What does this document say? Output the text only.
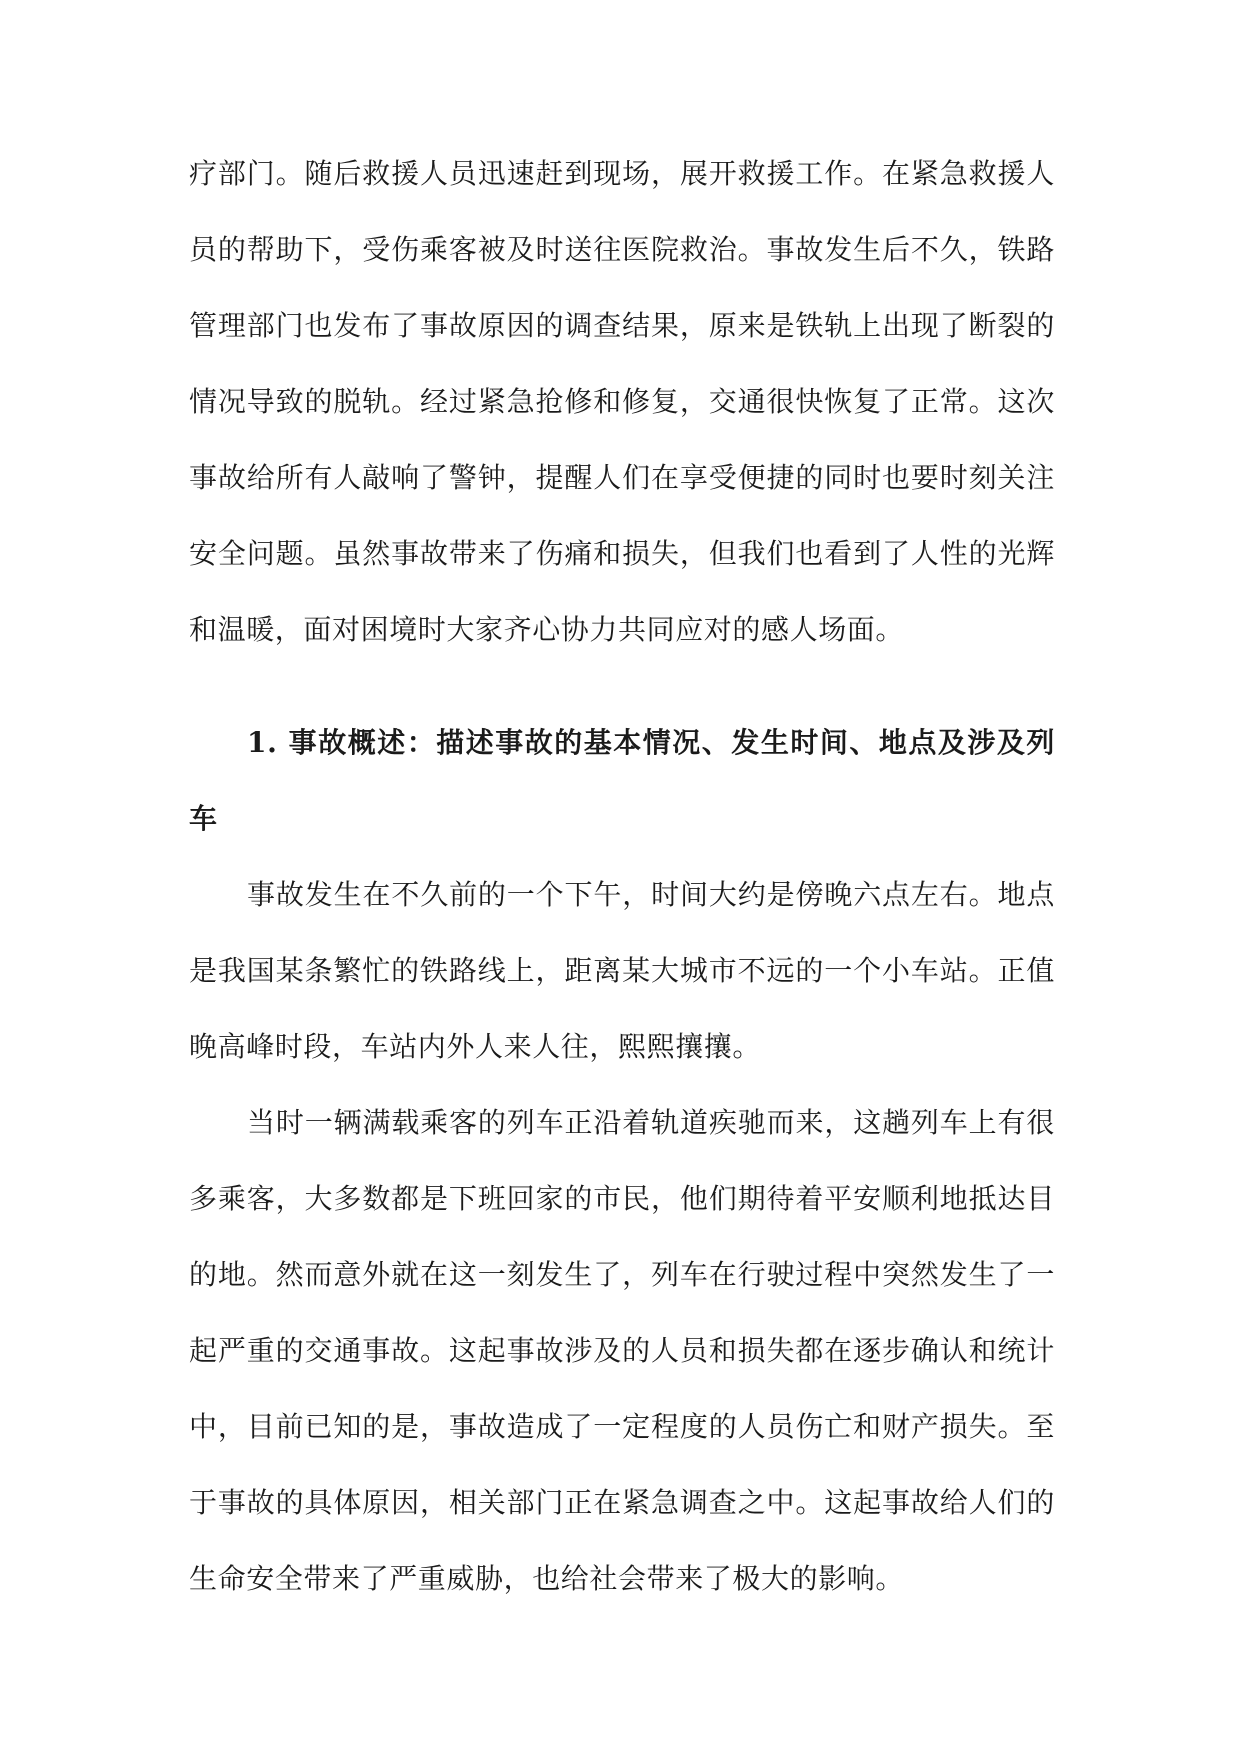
疗部门。随后救援人员迅速赶到现场，展开救援工作。在紧急救援人
员的帮助下，受伤乘客被及时送往医院救治。事故发生后不久，铁路
管理部门也发布了事故原因的调查结果，原来是铁轨上出现了断裂的
情况导致的脱轨。经过紧急抢修和修复，交通很快恢复了正常。这次
事故给所有人敲响了警钟，提醒人们在享受便捷的同时也要时刻关注
安全问题。虽然事故带来了伤痛和损失，但我们也看到了人性的光辉
和温暖，面对困境时大家齐心协力共同应对的感人场面。
1. 事故概述：描述事故的基本情况、发生时间、地点及涉及列
车
事故发生在不久前的一个下午，时间大约是傍晚六点左右。地点
是我国某条繁忙的铁路线上，距离某大城市不远的一个小车站。正值
晚高峰时段，车站内外人来人往，熙熙攘攘。
当时一辆满载乘客的列车正沿着轨道疾驰而来，这趟列车上有很
多乘客，大多数都是下班回家的市民，他们期待着平安顺利地抵达目
的地。然而意外就在这一刻发生了，列车在行驶过程中突然发生了一
起严重的交通事故。这起事故涉及的人员和损失都在逐步确认和统计
中，目前已知的是，事故造成了一定程度的人员伤亡和财产损失。至
于事故的具体原因，相关部门正在紧急调查之中。这起事故给人们的
生命安全带来了严重威胁，也给社会带来了极大的影响。
